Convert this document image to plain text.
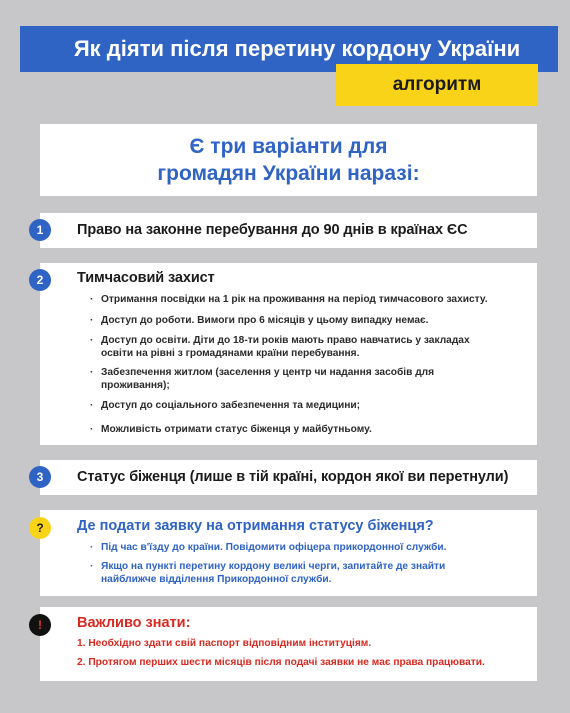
Як діяти після перетину кордону України
алгоритм
Є три варіанти для
громадян України наразі:
1 Право на законне перебування до 90 днів в країнах ЄС
2 Тимчасовий захист
· Отримання посвідки на 1 рік на проживання на період тимчасового захисту.
· Доступ до роботи. Вимоги про 6 місяців у цьому випадку немає.
· Доступ до освіти. Діти до 18-ти років мають право навчатись у закладах
освіти на рівні з громадянами країни перебування.
· Забезпечення житлом (заселення у центр чи надання засобів для
проживання);
· Доступ до соціального забезпечення та медицини;
· Можливість отримати статус біженця у майбутньому.
3 Статус біженця (лише в тій країні, кордон якої ви перетнули)
? Де подати заявку на отримання статусу біженця?
· Під час в'їзду до країни. Повідомити офіцера прикордонної служби.
· Якщо на пункті перетину кордону великі черги, запитайте де знайти
найближче відділення Прикордонної служби.
! Важливо знати:
1. Необхідно здати свій паспорт відповідним інституціям.
2. Протягом перших шести місяців після подачі заявки не має права працювати.
